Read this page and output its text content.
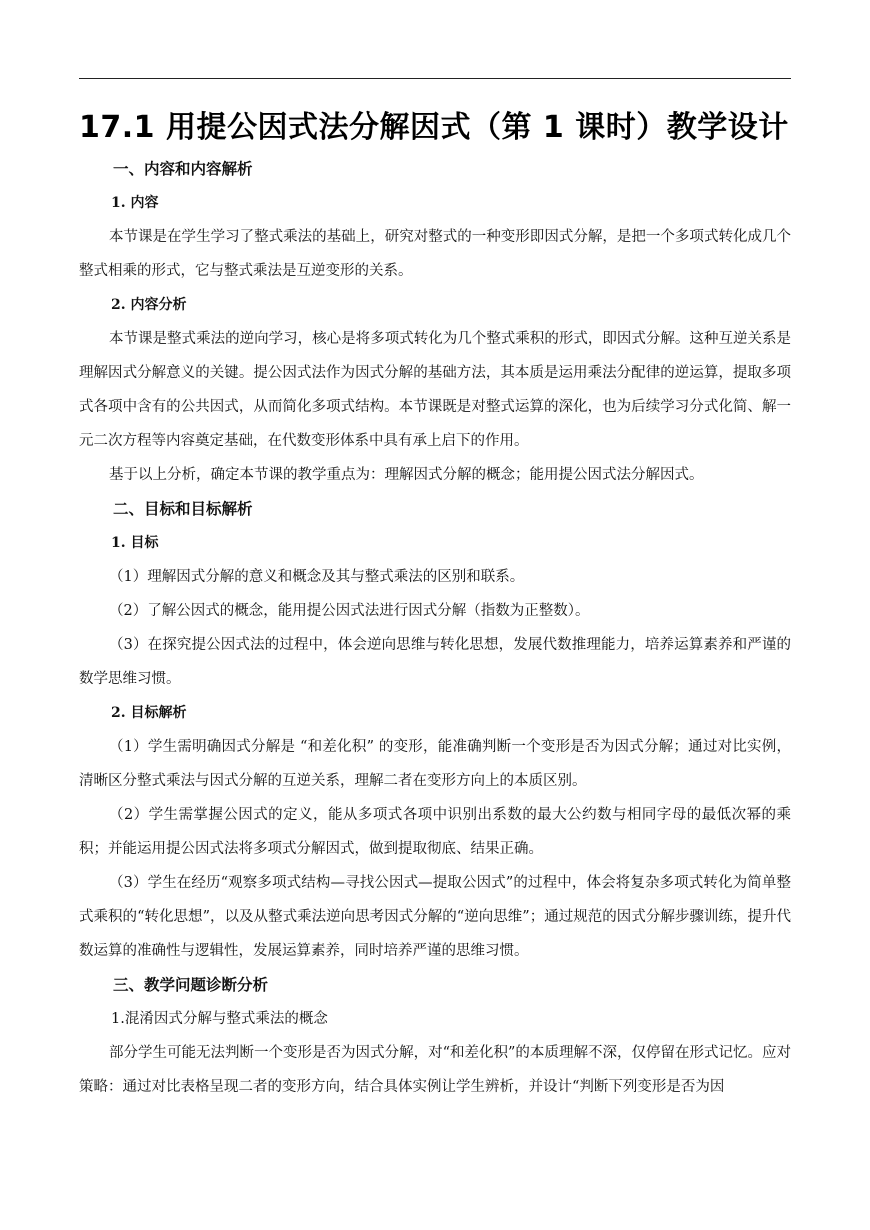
17.1 用提公因式法分解因式（第 1 课时）教学设计

一、内容和内容解析

1. 内容

本节课是在学生学习了整式乘法的基础上，研究对整式的一种变形即因式分解，是把一个多项式转化成几个整式相乘的形式，它与整式乘法是互逆变形的关系。

2. 内容分析

本节课是整式乘法的逆向学习，核心是将多项式转化为几个整式乘积的形式，即因式分解。这种互逆关系是理解因式分解意义的关键。提公因式法作为因式分解的基础方法，其本质是运用乘法分配律的逆运算，提取多项式各项中含有的公共因式，从而简化多项式结构。本节课既是对整式运算的深化，也为后续学习分式化简、解一元二次方程等内容奠定基础，在代数变形体系中具有承上启下的作用。

基于以上分析，确定本节课的教学重点为：理解因式分解的概念；能用提公因式法分解因式。

二、目标和目标解析

1. 目标

（1）理解因式分解的意义和概念及其与整式乘法的区别和联系。

（2）了解公因式的概念，能用提公因式法进行因式分解（指数为正整数）。

（3）在探究提公因式法的过程中，体会逆向思维与转化思想，发展代数推理能力，培养运算素养和严谨的数学思维习惯。

2. 目标解析

（1）学生需明确因式分解是 “和差化积” 的变形，能准确判断一个变形是否为因式分解；通过对比实例，清晰区分整式乘法与因式分解的互逆关系，理解二者在变形方向上的本质区别。

（2）学生需掌握公因式的定义，能从多项式各项中识别出系数的最大公约数与相同字母的最低次幂的乘积；并能运用提公因式法将多项式分解因式，做到提取彻底、结果正确。

（3）学生在经历“观察多项式结构—寻找公因式—提取公因式”的过程中，体会将复杂多项式转化为简单整式乘积的“转化思想”，以及从整式乘法逆向思考因式分解的“逆向思维”；通过规范的因式分解步骤训练，提升代数运算的准确性与逻辑性，发展运算素养，同时培养严谨的思维习惯。

三、教学问题诊断分析

1.混淆因式分解与整式乘法的概念

部分学生可能无法判断一个变形是否为因式分解，对“和差化积”的本质理解不深，仅停留在形式记忆。应对策略：通过对比表格呈现二者的变形方向，结合具体实例让学生辨析，并设计“判断下列变形是否为因
